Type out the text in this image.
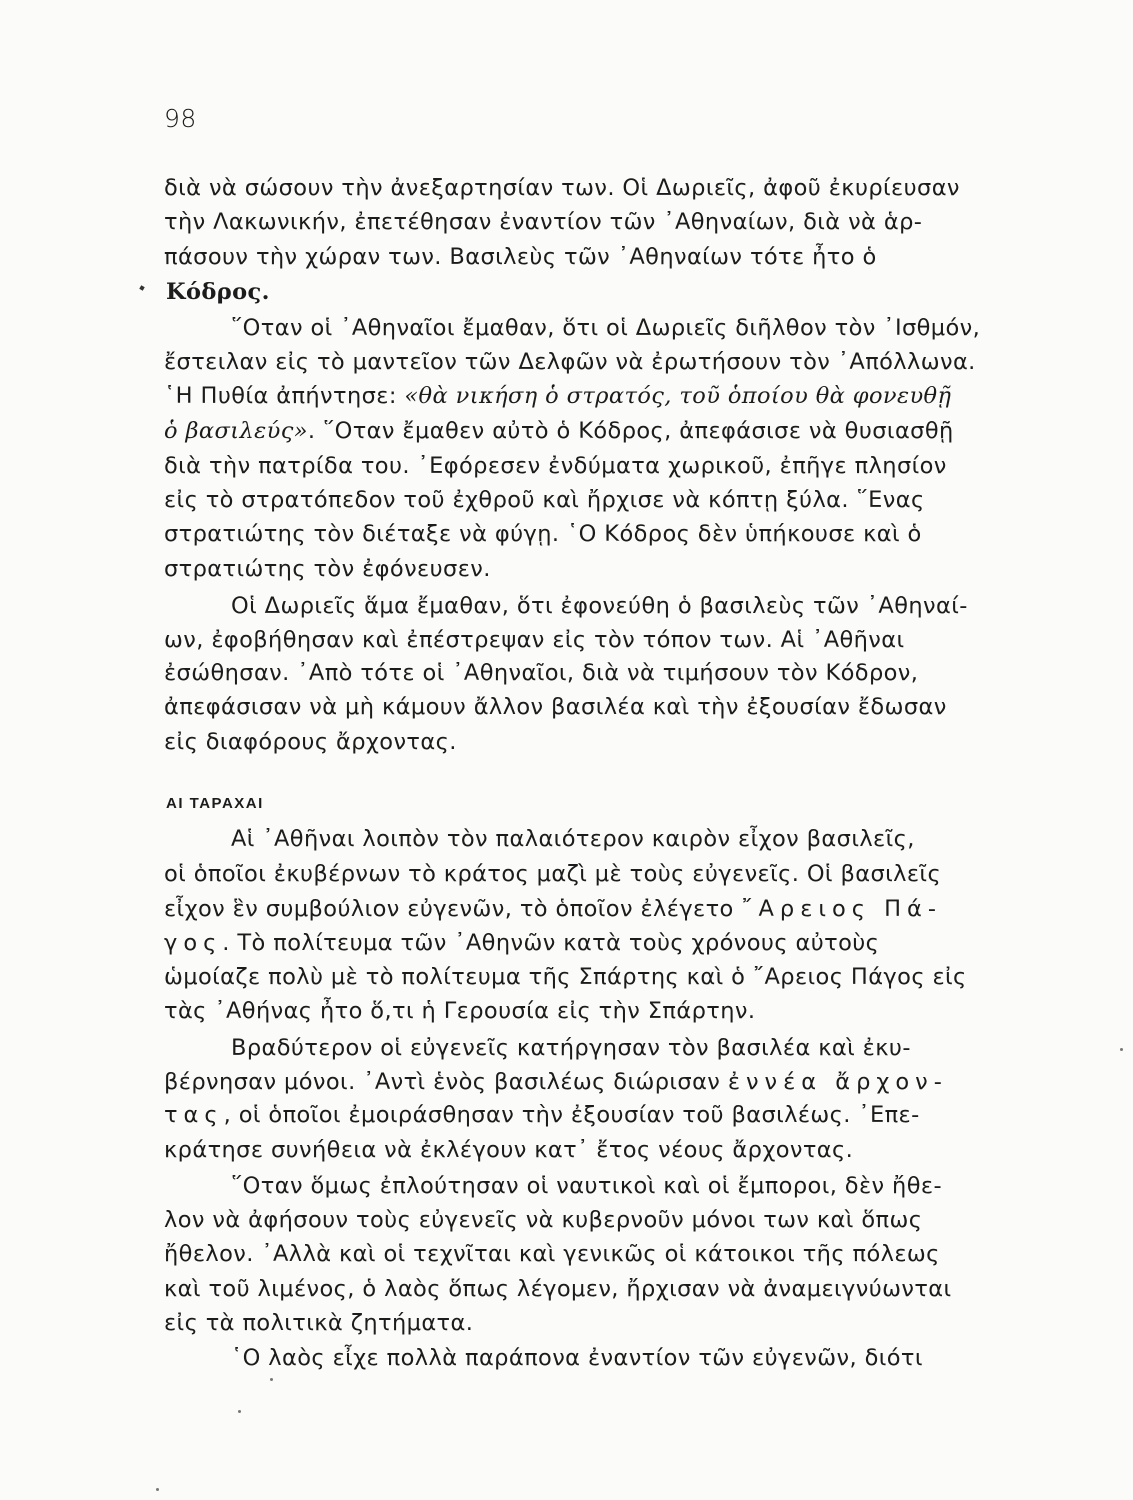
98
διὰ νὰ σώσουν τὴν ἀνεξαρτησίαν των. Οἱ Δωριεῖς, ἀφοῦ ἐκυρίευσαν
τὴν Λακωνικήν, ἐπετέθησαν ἐναντίον τῶν ᾿Αθηναίων, διὰ νὰ ἁρ-
πάσουν τὴν χώραν των. Βασιλεὺς τῶν ᾿Αθηναίων τότε ἦτο ὁ
Κόδρος.
῞Οταν οἱ ᾿Αθηναῖοι ἔμαθαν, ὅτι οἱ Δωριεῖς διῆλθον τὸν ᾿Ισθμόν,
ἔστειλαν εἰς τὸ μαντεῖον τῶν Δελφῶν νὰ ἐρωτήσουν τὸν ᾿Απόλλωνα.
῾Η Πυθία ἀπήντησε: «θὰ νικήση ὁ στρατός, τοῦ ὁποίου θὰ φονευθῇ
ὁ βασιλεύς». ῞Οταν ἔμαθεν αὐτὸ ὁ Κόδρος, ἀπεφάσισε νὰ θυσιασθῇ
διὰ τὴν πατρίδα του. ᾿Εφόρεσεν ἐνδύματα χωρικοῦ, ἐπῆγε πλησίον
εἰς τὸ στρατόπεδον τοῦ ἐχθροῦ καὶ ἤρχισε νὰ κόπτῃ ξύλα. ῞Ενας
στρατιώτης τὸν διέταξε νὰ φύγῃ. ῾Ο Κόδρος δὲν ὑπήκουσε καὶ ὁ
στρατιώτης τὸν ἐφόνευσεν.
Οἱ Δωριεῖς ἅμα ἔμαθαν, ὅτι ἐφονεύθη ὁ βασιλεὺς τῶν ᾿Αθηναί-
ων, ἐφοβήθησαν καὶ ἐπέστρεψαν εἰς τὸν τόπον των. Αἱ ᾿Αθῆναι
ἐσώθησαν. ᾿Απὸ τότε οἱ ᾿Αθηναῖοι, διὰ νὰ τιμήσουν τὸν Κόδρον,
ἀπεφάσισαν νὰ μὴ κάμουν ἄλλον βασιλέα καὶ τὴν ἐξουσίαν ἔδωσαν
εἰς διαφόρους ἄρχοντας.
ΑΙ ΤΑΡΑΧΑΙ
Αἱ ᾿Αθῆναι λοιπὸν τὸν παλαιότερον καιρὸν εἶχον βασιλεῖς,
οἱ ὁποῖοι ἐκυβέρνων τὸ κράτος μαζὶ μὲ τοὺς εὐγενεῖς. Οἱ βασιλεῖς
εἶχον ἓν συμβούλιον εὐγενῶν, τὸ ὁποῖον ἐλέγετο ῎Αρειος Πά-
γος. Τὸ πολίτευμα τῶν ᾿Αθηνῶν κατὰ τοὺς χρόνους αὐτοὺς
ὡμοίαζε πολὺ μὲ τὸ πολίτευμα τῆς Σπάρτης καὶ ὁ ῎Αρειος Πάγος εἰς
τὰς ᾿Αθήνας ἦτο ὅ,τι ἡ Γερουσία εἰς τὴν Σπάρτην.
Βραδύτερον οἱ εὐγενεῖς κατήργησαν τὸν βασιλέα καὶ ἐκυ-
βέρνησαν μόνοι. ᾿Αντὶ ἑνὸς βασιλέως διώρισαν ἐννέα ἄρχον-
τας, οἱ ὁποῖοι ἐμοιράσθησαν τὴν ἐξουσίαν τοῦ βασιλέως. ᾿Επε-
κράτησε συνήθεια νὰ ἐκλέγουν κατ᾿ ἔτος νέους ἄρχοντας.
῞Οταν ὅμως ἐπλούτησαν οἱ ναυτικοὶ καὶ οἱ ἔμποροι, δὲν ἤθε-
λον νὰ ἀφήσουν τοὺς εὐγενεῖς νὰ κυβερνοῦν μόνοι των καὶ ὅπως
ἤθελον. ᾿Αλλὰ καὶ οἱ τεχνῖται καὶ γενικῶς οἱ κάτοικοι τῆς πόλεως
καὶ τοῦ λιμένος, ὁ λαὸς ὅπως λέγομεν, ἤρχισαν νὰ ἀναμειγνύωνται
εἰς τὰ πολιτικὰ ζητήματα.
῾Ο λαὸς εἶχε πολλὰ παράπονα ἐναντίον τῶν εὐγενῶν, διότι
